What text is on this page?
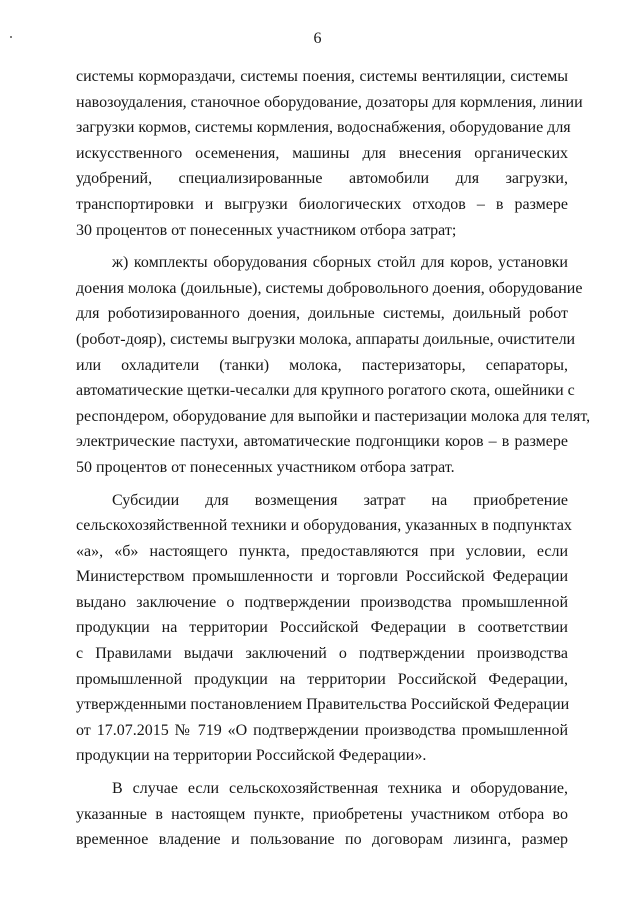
6
системы кормораздачи, системы поения, системы вентиляции, системы
навозоудаления, станочное оборудование, дозаторы для кормления, линии
загрузки кормов, системы кормления, водоснабжения, оборудование для
искусственного осеменения, машины для внесения органических
удобрений, специализированные автомобили для загрузки,
транспортировки и выгрузки биологических отходов – в размере
30 процентов от понесенных участником отбора затрат;
ж) комплекты оборудования сборных стойл для коров, установки
доения молока (доильные), системы добровольного доения, оборудование
для роботизированного доения, доильные системы, доильный робот
(робот-дояр), системы выгрузки молока, аппараты доильные, очистители
или охладители (танки) молока, пастеризаторы, сепараторы,
автоматические щетки-чесалки для крупного рогатого скота, ошейники с
респондером, оборудование для выпойки и пастеризации молока для телят,
электрические пастухи, автоматические подгонщики коров – в размере
50 процентов от понесенных участником отбора затрат.
Субсидии для возмещения затрат на приобретение
сельскохозяйственной техники и оборудования, указанных в подпунктах
«а», «б» настоящего пункта, предоставляются при условии, если
Министерством промышленности и торговли Российской Федерации
выдано заключение о подтверждении производства промышленной
продукции на территории Российской Федерации в соответствии
с Правилами выдачи заключений о подтверждении производства
промышленной продукции на территории Российской Федерации,
утвержденными постановлением Правительства Российской Федерации
от 17.07.2015 № 719 «О подтверждении производства промышленной
продукции на территории Российской Федерации».
В случае если сельскохозяйственная техника и оборудование,
указанные в настоящем пункте, приобретены участником отбора во
временное владение и пользование по договорам лизинга, размер
